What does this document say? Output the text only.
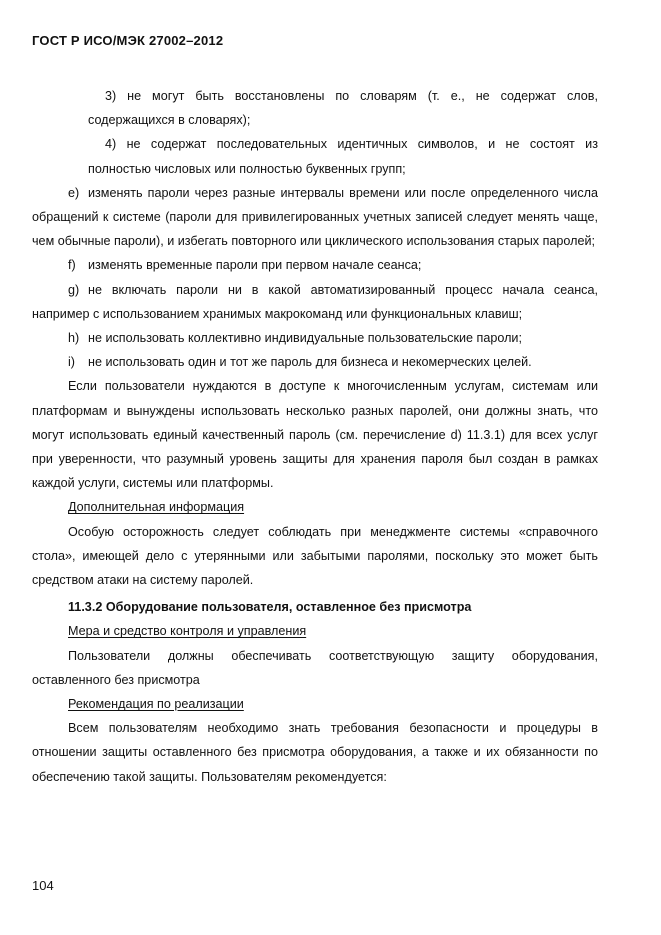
ГОСТ Р ИСО/МЭК 27002–2012

3) не могут быть восстановлены по словарям (т. е., не содержат слов, содержащихся в словарях);

4) не содержат последовательных идентичных символов, и не состоят из полностью числовых или полностью буквенных групп;

e) изменять пароли через разные интервалы времени или после определенного числа обращений к системе (пароли для привилегированных учетных записей следует менять чаще, чем обычные пароли), и избегать повторного или циклического использования старых паролей;

f) изменять временные пароли при первом начале сеанса;

g) не включать пароли ни в какой автоматизированный процесс начала сеанса, например с использованием хранимых макрокоманд или функциональных клавиш;

h) не использовать коллективно индивидуальные пользовательские пароли;

i) не использовать один и тот же пароль для бизнеса и некомерческих целей.

Если пользователи нуждаются в доступе к многочисленным услугам, системам или платформам и вынуждены использовать несколько разных паролей, они должны знать, что могут использовать единый качественный пароль (см. перечисление d) 11.3.1) для всех услуг при уверенности, что разумный уровень защиты для хранения пароля был создан в рамках каждой услуги, системы или платформы.

Дополнительная информация

Особую осторожность следует соблюдать при менеджменте системы «справочного стола», имеющей дело с утерянными или забытыми паролями, поскольку это может быть средством атаки на систему паролей.

11.3.2 Оборудование пользователя, оставленное без присмотра

Мера и средство контроля и управления

Пользователи должны обеспечивать соответствующую защиту оборудования, оставленного без присмотра

Рекомендация по реализации

Всем пользователям необходимо знать требования безопасности и процедуры в отношении защиты оставленного без присмотра оборудования, а также и их обязанности по обеспечению такой защиты. Пользователям рекомендуется:

104
